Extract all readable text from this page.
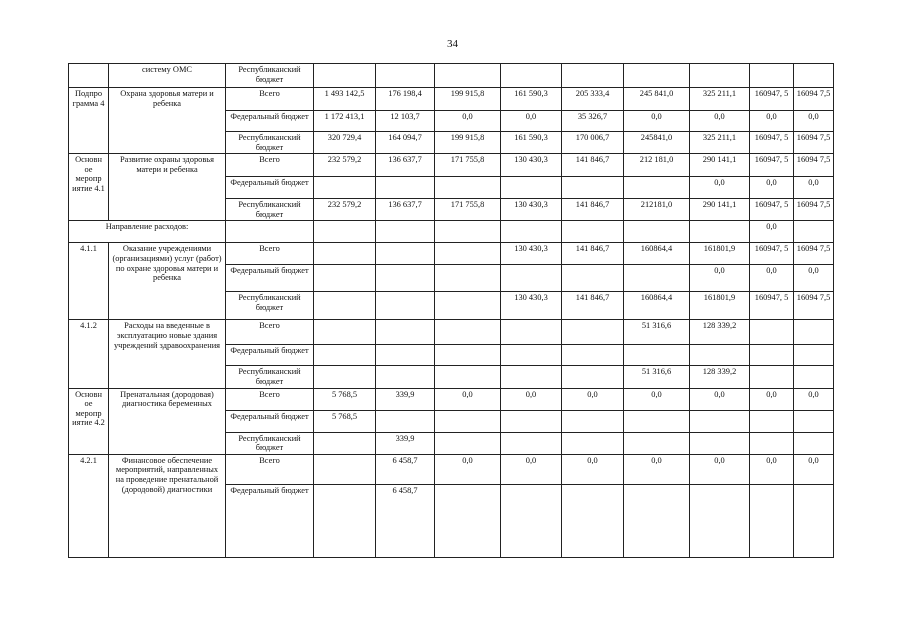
34
	систему ОМС	Республиканский бюджет									
Подпро грамма 4	Охрана здоровья матери и ребенка	Всего	1 493 142,5	176 198,4	199 915,8	161 590,3	205 333,4	245 841,0	325 211,1	160947, 5	16094 7,5
		Федеральный бюджет	1 172 413,1	12 103,7	0,0	0,0	35 326,7	0,0	0,0	0,0	0,0
		Республиканский бюджет	320 729,4	164 094,7	199 915,8	161 590,3	170 006,7	245841,0	325 211,1	160947, 5	16094 7,5
Основн ое меропр иятие 4.1	Развитие охраны здоровья матери и ребенка	Всего	232 579,2	136 637,7	171 755,8	130 430,3	141 846,7	212 181,0	290 141,1	160947, 5	16094 7,5
		Федеральный бюджет							0,0	0,0	0,0
		Республиканский бюджет	232 579,2	136 637,7	171 755,8	130 430,3	141 846,7	212181,0	290 141,1	160947, 5	16094 7,5
Направление расходов:										0,0	
4.1.1	Оказание учреждениями (организациями) услуг (работ) по охране здоровья матери и ребенка	Всего				130 430,3	141 846,7	160864,4	161801,9	160947, 5	16094 7,5
		Федеральный бюджет							0,0	0,0	0,0
		Республиканский бюджет				130 430,3	141 846,7	160864,4	161801,9	160947, 5	16094 7,5
4.1.2	Расходы на введенные в эксплуатацию новые здания учреждений здравоохранения	Всего						51 316,6	128 339,2		
		Федеральный бюджет									
		Республиканский бюджет						51 316,6	128 339,2		
Основн ое меропр иятие 4.2	Пренатальная (дородовая) диагностика беременных	Всего	5 768,5	339,9	0,0	0,0	0,0	0,0	0,0	0,0	0,0
		Федеральный бюджет	5 768,5								
		Республиканский бюджет		339,9							
4.2.1	Финансовое обеспечение мероприятий, направленных на проведение пренатальной (дородовой) диагностики	Всего		6 458,7	0,0	0,0	0,0	0,0	0,0	0,0	0,0
		Федеральный бюджет		6 458,7							
